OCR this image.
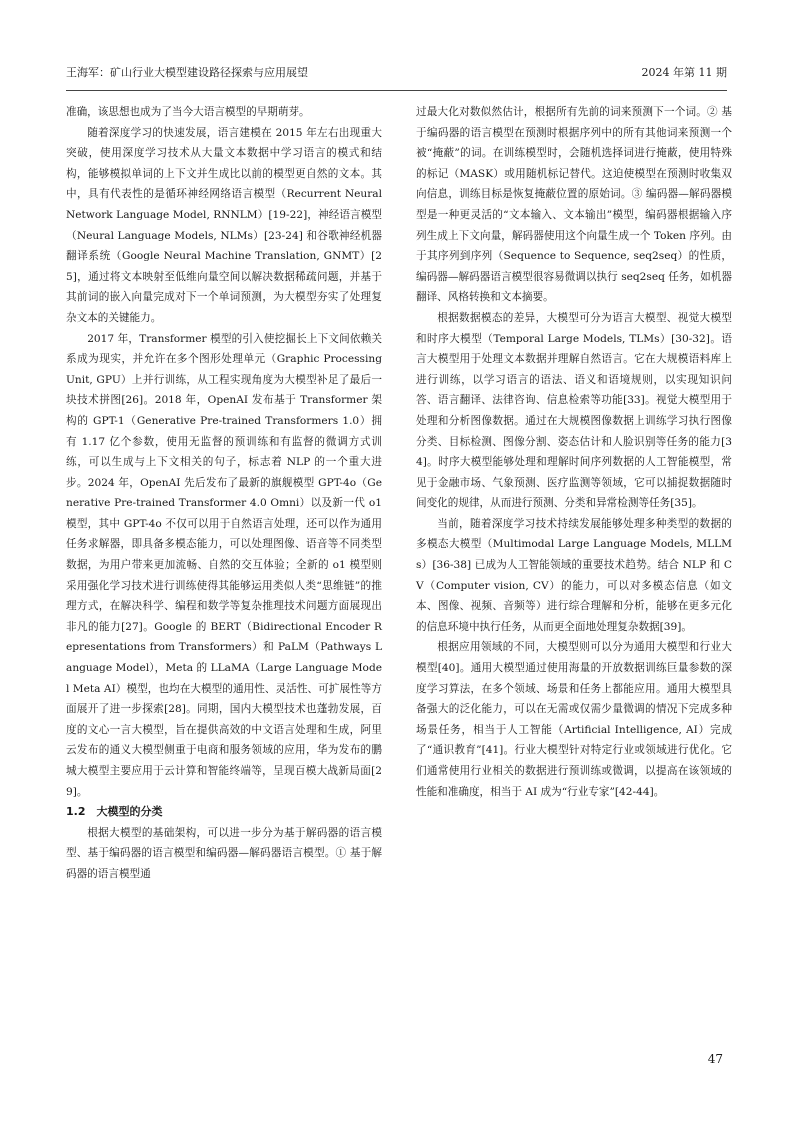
王海军：矿山行业大模型建设路径探索与应用展望	2024 年第 11 期

准确，该思想也成为了当今大语言模型的早期萌芽。

随着深度学习的快速发展，语言建模在 2015 年左右出现重大突破，使用深度学习技术从大量文本数据中学习语言的模式和结构，能够模拟单词的上下文并生成比以前的模型更自然的文本。其中，具有代表性的是循环神经网络语言模型（Recurrent Neural Network Language Model, RNNLM）[19-22]，神经语言模型（Neural Language Models, NLMs）[23-24] 和谷歌神经机器翻译系统（Google Neural Machine Translation, GNMT）[25]，通过将文本映射至低维向量空间以解决数据稀疏问题，并基于其前词的嵌入向量完成对下一个单词预测，为大模型夯实了处理复杂文本的关键能力。

2017 年，Transformer 模型的引入使挖掘长上下文间依赖关系成为现实，并允许在多个图形处理单元（Graphic Processing Unit, GPU）上并行训练，从工程实现角度为大模型补足了最后一块技术拼图[26]。2018 年，OpenAI 发布基于 Transformer 架构的 GPT-1（Generative Pre-trained Transformers 1.0）拥有 1.17 亿个参数，使用无监督的预训练和有监督的微调方式训练，可以生成与上下文相关的句子，标志着 NLP 的一个重大进步。2024 年，OpenAI 先后发布了最新的旗舰模型 GPT-4o（Generative Pre-trained Transformer 4.0 Omni）以及新一代 o1 模型，其中 GPT-4o 不仅可以用于自然语言处理，还可以作为通用任务求解器，即具备多模态能力，可以处理图像、语音等不同类型数据，为用户带来更加流畅、自然的交互体验；全新的 o1 模型则采用强化学习技术进行训练使得其能够运用类似人类“思维链”的推理方式，在解决科学、编程和数学等复杂推理技术问题方面展现出非凡的能力[27]。Google 的 BERT（Bidirectional Encoder Representations from Transformers）和 PaLM（Pathways Language Model），Meta 的 LLaMA（Large Language Model Meta AI）模型，也均在大模型的通用性、灵活性、可扩展性等方面展开了进一步探索[28]。同期，国内大模型技术也蓬勃发展，百度的文心一言大模型，旨在提供高效的中文语言处理和生成，阿里云发布的通义大模型侧重于电商和服务领域的应用，华为发布的鹏城大模型主要应用于云计算和智能终端等，呈现百模大战新局面[29]。

1.2　大模型的分类

根据大模型的基础架构，可以进一步分为基于解码器的语言模型、基于编码器的语言模型和编码器—解码器语言模型。① 基于解码器的语言模型通

过最大化对数似然估计，根据所有先前的词来预测下一个词。② 基于编码器的语言模型在预测时根据序列中的所有其他词来预测一个被“掩蔽”的词。在训练模型时，会随机选择词进行掩蔽，使用特殊的标记（MASK）或用随机标记替代。这迫使模型在预测时收集双向信息，训练目标是恢复掩蔽位置的原始词。③ 编码器—解码器模型是一种更灵活的“文本输入、文本输出”模型，编码器根据输入序列生成上下文向量，解码器使用这个向量生成一个 Token 序列。由于其序列到序列（Sequence to Sequence, seq2seq）的性质，编码器—解码器语言模型很容易微调以执行 seq2seq 任务，如机器翻译、风格转换和文本摘要。

根据数据模态的差异，大模型可分为语言大模型、视觉大模型和时序大模型（Temporal Large Models, TLMs）[30-32]。语言大模型用于处理文本数据并理解自然语言。它在大规模语料库上进行训练，以学习语言的语法、语义和语境规则，以实现知识问答、语言翻译、法律咨询、信息检索等功能[33]。视觉大模型用于处理和分析图像数据。通过在大规模图像数据上训练学习执行图像分类、目标检测、图像分割、姿态估计和人脸识别等任务的能力[34]。时序大模型能够处理和理解时间序列数据的人工智能模型，常见于金融市场、气象预测、医疗监测等领域，它可以捕捉数据随时间变化的规律，从而进行预测、分类和异常检测等任务[35]。

当前，随着深度学习技术持续发展能够处理多种类型的数据的多模态大模型（Multimodal Large Language Models, MLLMs）[36-38] 已成为人工智能领域的重要技术趋势。结合 NLP 和 CV（Computer vision, CV）的能力，可以对多模态信息（如文本、图像、视频、音频等）进行综合理解和分析，能够在更多元化的信息环境中执行任务，从而更全面地处理复杂数据[39]。

根据应用领域的不同，大模型则可以分为通用大模型和行业大模型[40]。通用大模型通过使用海量的开放数据训练巨量参数的深度学习算法，在多个领域、场景和任务上都能应用。通用大模型具备强大的泛化能力，可以在无需或仅需少量微调的情况下完成多种场景任务，相当于人工智能（Artificial Intelligence, AI）完成了“通识教育”[41]。行业大模型针对特定行业或领域进行优化。它们通常使用行业相关的数据进行预训练或微调，以提高在该领域的性能和准确度，相当于 AI 成为“行业专家”[42-44]。

47
